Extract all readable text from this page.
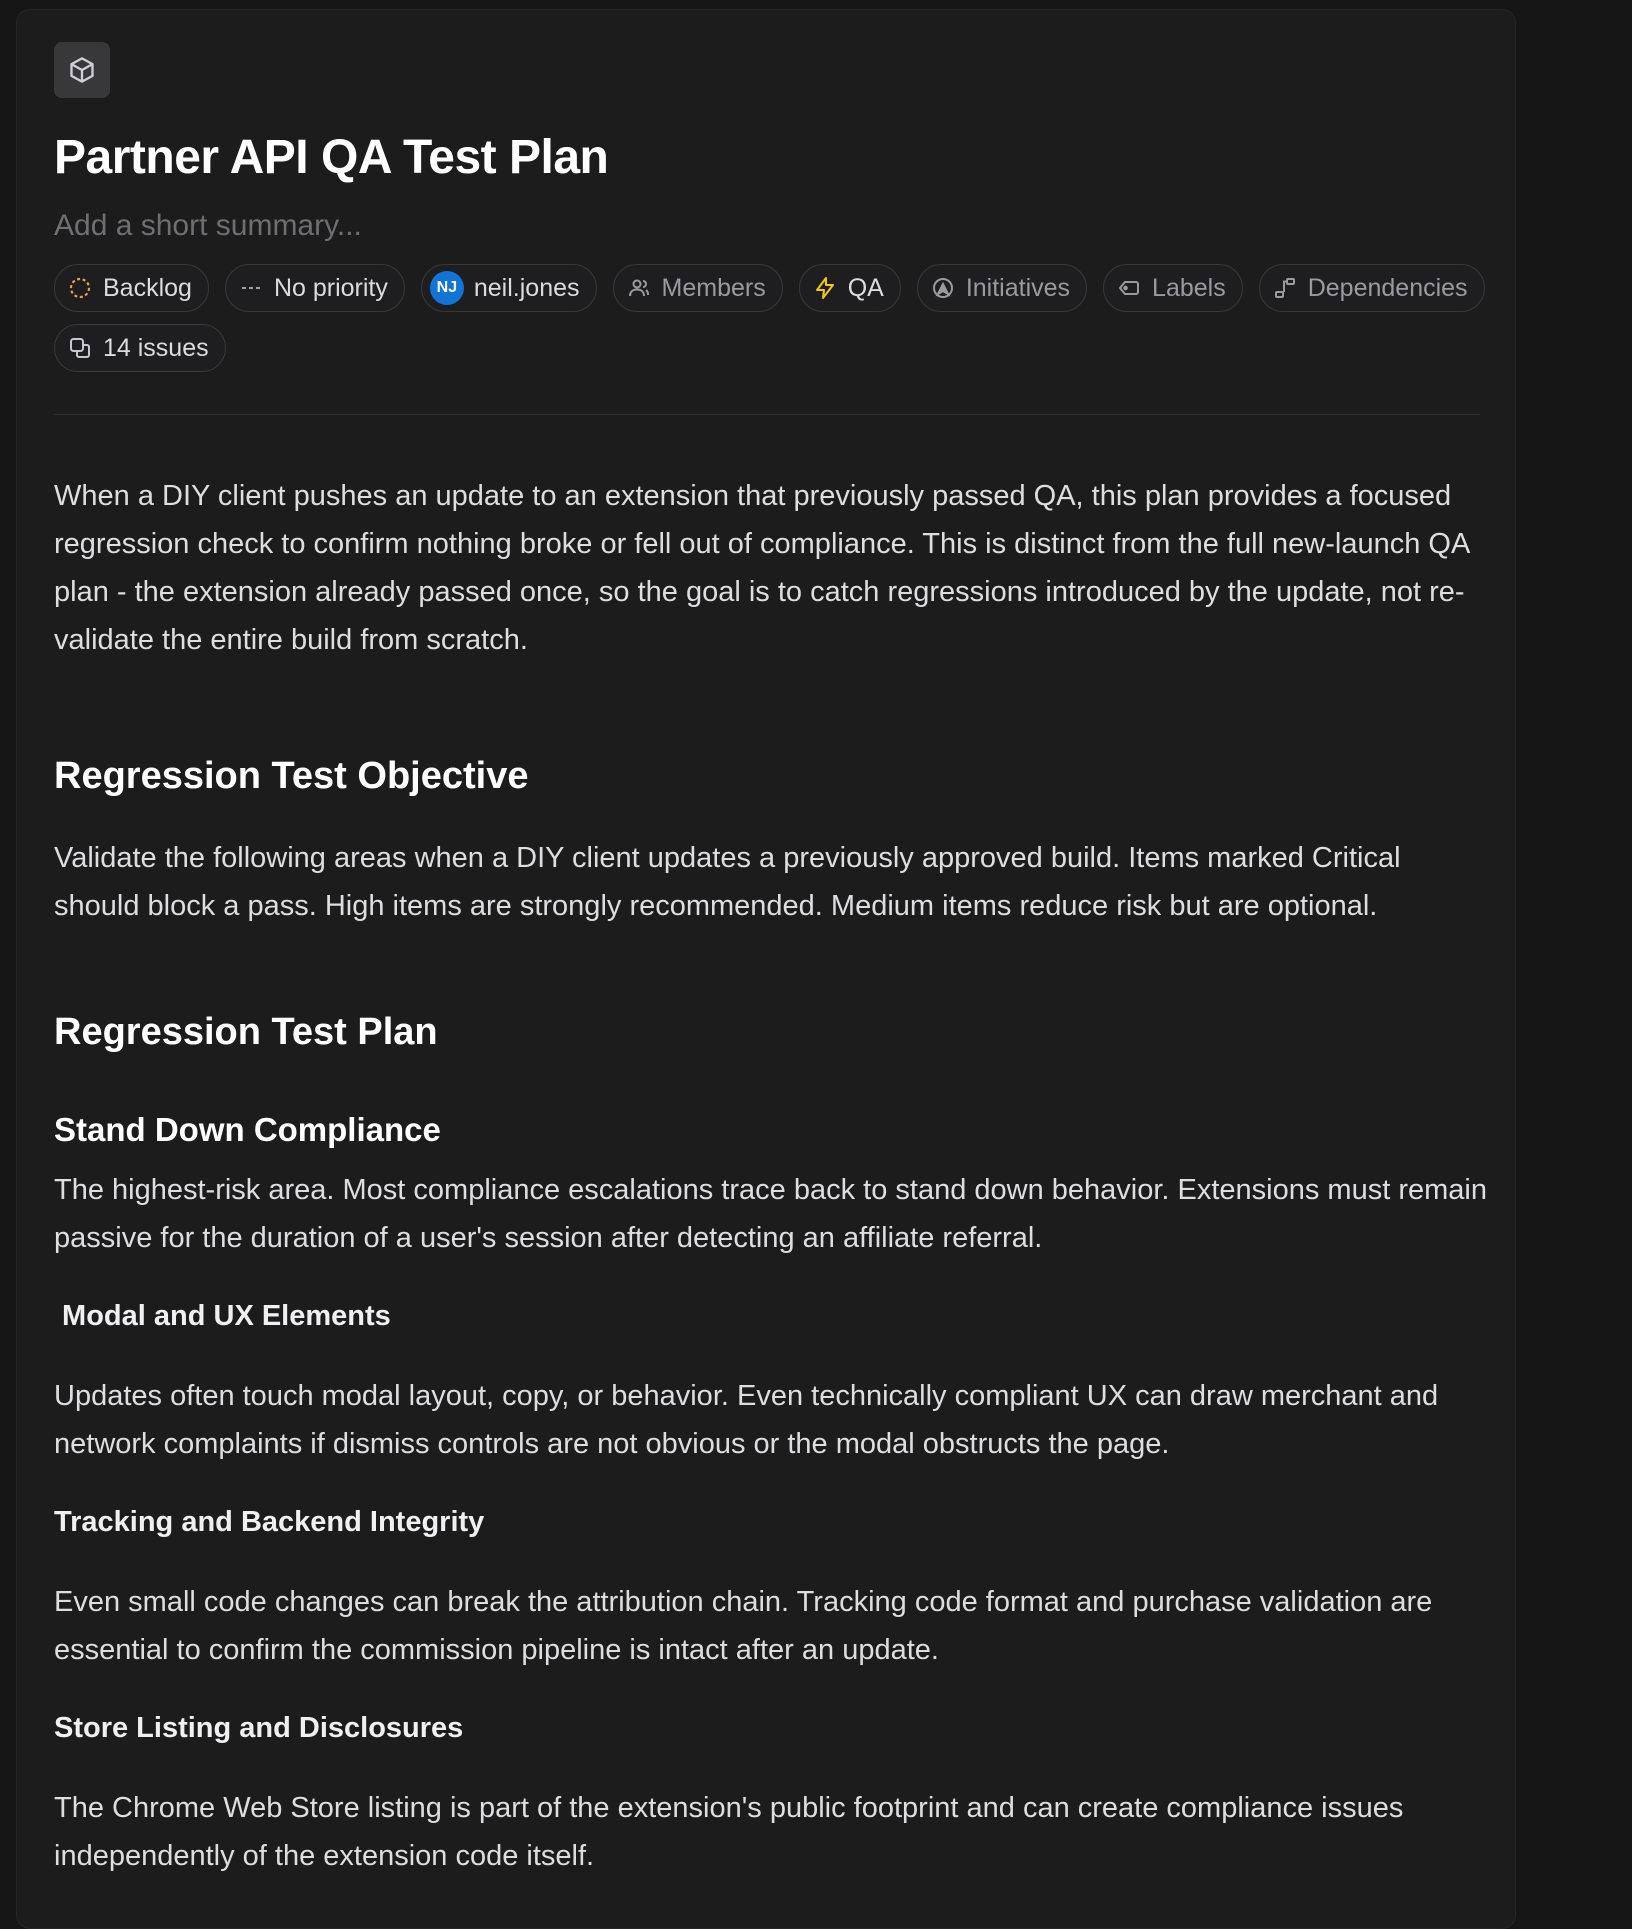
Partner API QA Test Plan
Add a short summary...
Backlog	No priority	NJ neil.jones	Members	QA	Initiatives	Labels	Dependencies
14 issues

When a DIY client pushes an update to an extension that previously passed QA, this plan provides a focused regression check to confirm nothing broke or fell out of compliance. This is distinct from the full new-launch QA plan - the extension already passed once, so the goal is to catch regressions introduced by the update, not re-validate the entire build from scratch.

Regression Test Objective

Validate the following areas when a DIY client updates a previously approved build. Items marked Critical should block a pass. High items are strongly recommended. Medium items reduce risk but are optional.

Regression Test Plan
Stand Down Compliance

The highest-risk area. Most compliance escalations trace back to stand down behavior. Extensions must remain passive for the duration of a user's session after detecting an affiliate referral.

Modal and UX Elements

Updates often touch modal layout, copy, or behavior. Even technically compliant UX can draw merchant and network complaints if dismiss controls are not obvious or the modal obstructs the page.

Tracking and Backend Integrity

Even small code changes can break the attribution chain. Tracking code format and purchase validation are essential to confirm the commission pipeline is intact after an update.

Store Listing and Disclosures

The Chrome Web Store listing is part of the extension's public footprint and can create compliance issues independently of the extension code itself.
